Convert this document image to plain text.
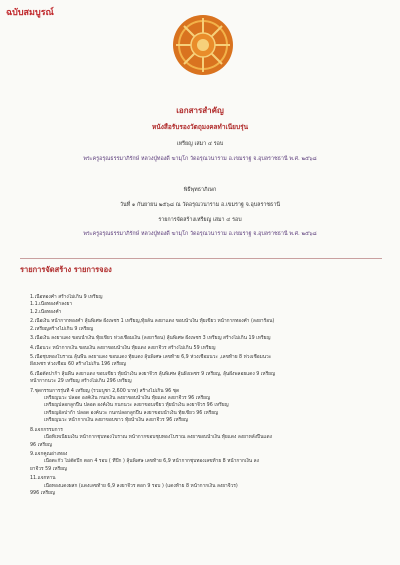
ฉบับสมบูรณ์
เอกสารสำคัญ
หนังสือรับรองวัตถุมงคลทำเนียบรุ่น
เหรียญ เสมา ๔ รอบ
พระครูอรุณธรรมาภิรักษ์ หลวงปู่ทองดี ฆามุโก วัดอรุณวนาราม อ.เขมราฐ จ.อุบลราชธานี พ.ศ. ๒๕๖๘
พิธีพุทธาภิเษก
วันที่ ๑ กันยายน ๒๕๖๘ ณ วัดอรุณวนาราม อ.เขมราฐ จ.อุบลราชธานี
รายการจัดสร้างเหรียญ เสมา ๔ รอบ
พระครูอรุณธรรมาภิรักษ์ หลวงปู่ทองดี ฆามุโก วัดอรุณวนาราม อ.เขมราฐ จ.อุบลราชธานี พ.ศ. ๒๕๖๘
รายการจัดสร้าง รายการจอง
1.เนื้อทองคำ สร้างไม่เกิน 9 เหรียญ
1.1.เนื้อทองคำลงยา
1.2.เนื้อทองคำ
2.เนื้อเงิน หน้ากากทองคำ ลุ้นพิเศษ ฝังเพชร 1 เหรียญ,ทุ้ยลั่น ลงยาแดง ขอบน้ำเงิน ทุ้ยเขียว หน้ากากทองคำ (ลงยาร้อน)
2.เหรียญสร้างไม่เกิน 9 เหรียญ
3.เนื้อเงิน ลงยาแดง ขอบน้ำเงิน ทุ้ยเขียว ห่วงเชื่อมเงิน (ลงยาร้อน) ลุ้นพิเศษ ฝังเพชร 3 เหรียญ สร้างไม่เกิน 19 เหรียญ
4.เนื้อนวะ หน้ากากเงิน ขอบเงิน ลงยาขอบน้ำเงิน ทุ้ยแดง ลงยาจีวร สร้างไม่เกิน 59 เหรียญ
5.เนื้อชุบทองโบราณ ลุ้นพื้น ลงยาแดง ขอบแดง ทุ้ยแดง ลุ้นพิเศษ เลขท้าย 6,9 ห่วงเชื่อมนวะ ,เลขท้าย 8 ห่วงเชื่อมนวะ
ฝังเพชร ห่วงเชื่อม 60 สร้างไม่เกิน 196 เหรียญ
6.เนื้อตัดปาก้า ลุ้นพื้น ลงยาแดง ขอบเขียว ทุ้ยน้ำเงิน ลงยาจีวร ลุ้นพิเศษ ลุ้นฝังเพชร 9 เหรียญ, ลุ้นฝังพลอยแดง 9 เหรียญ
หน้ากากนวะ 29 เหรียญ สร้างไม่เกิน 296 เหรียญ
7.ชุดกรรมการรุ่นที่ 4 เหรียญ (รวมบูชา 2,600 บาท) สร้างไม่เกิน 96 ชุด
เหรียญนวะ ปลอด องค์เงิน กนกเงิน ลงยาขอบน้ำเงิน ทุ้ยแดง ลงยาจีวร 96 เหรียญ
เหรียญปลอกลูกปืน ปลอด องค์เงิน กนกนวะ ลงยาขอบเขียว ทุ้ยน้ำเงิน ลงยาจีวร 96 เหรียญ
เหรียญอัลปาก้า ปลอด องค์นวะ กนกปลอกลูกปืน ลงยาขอบน้ำเงิน ทุ้ยเขียว 96 เหรียญ
เหรียญนวะ หน้ากากเงิน ลงยาขอบขาว ทุ้ยน้ำเงิน ลงยาจีวร 96 เหรียญ
8.แจกกรรมการ
เนื้อทิเทเนียมเงิน หน้ากากชุบทองโบราณ หน้ากากขอบชุบทองโบราณ ลงยาขอบน้ำเงิน ทุ้ยแดง ลงยาหลังปืนแดง
96 เหรียญ
9.แจกคูณอ่างทอง
เนื้อตะกั่ว ไม่ตัดปีก ตอก 4 รอบ ( ที่ปีก ) ลุ้นพิเศษ เลขท้าย 6,9 หน้ากากชุบทองเลขท้าย 8 หน้ากากเงิน ลง
ยาจีวร 59 เหรียญ
11.แจกทาน
เนื้อทองแดงผสก (แดงเลขท้าย 6,9 ลงยาจีวร ตอก 9 รอบ ) (แดงท้าย 8 หน้ากากเงิน ลงยาจีวร)
996 เหรียญ
